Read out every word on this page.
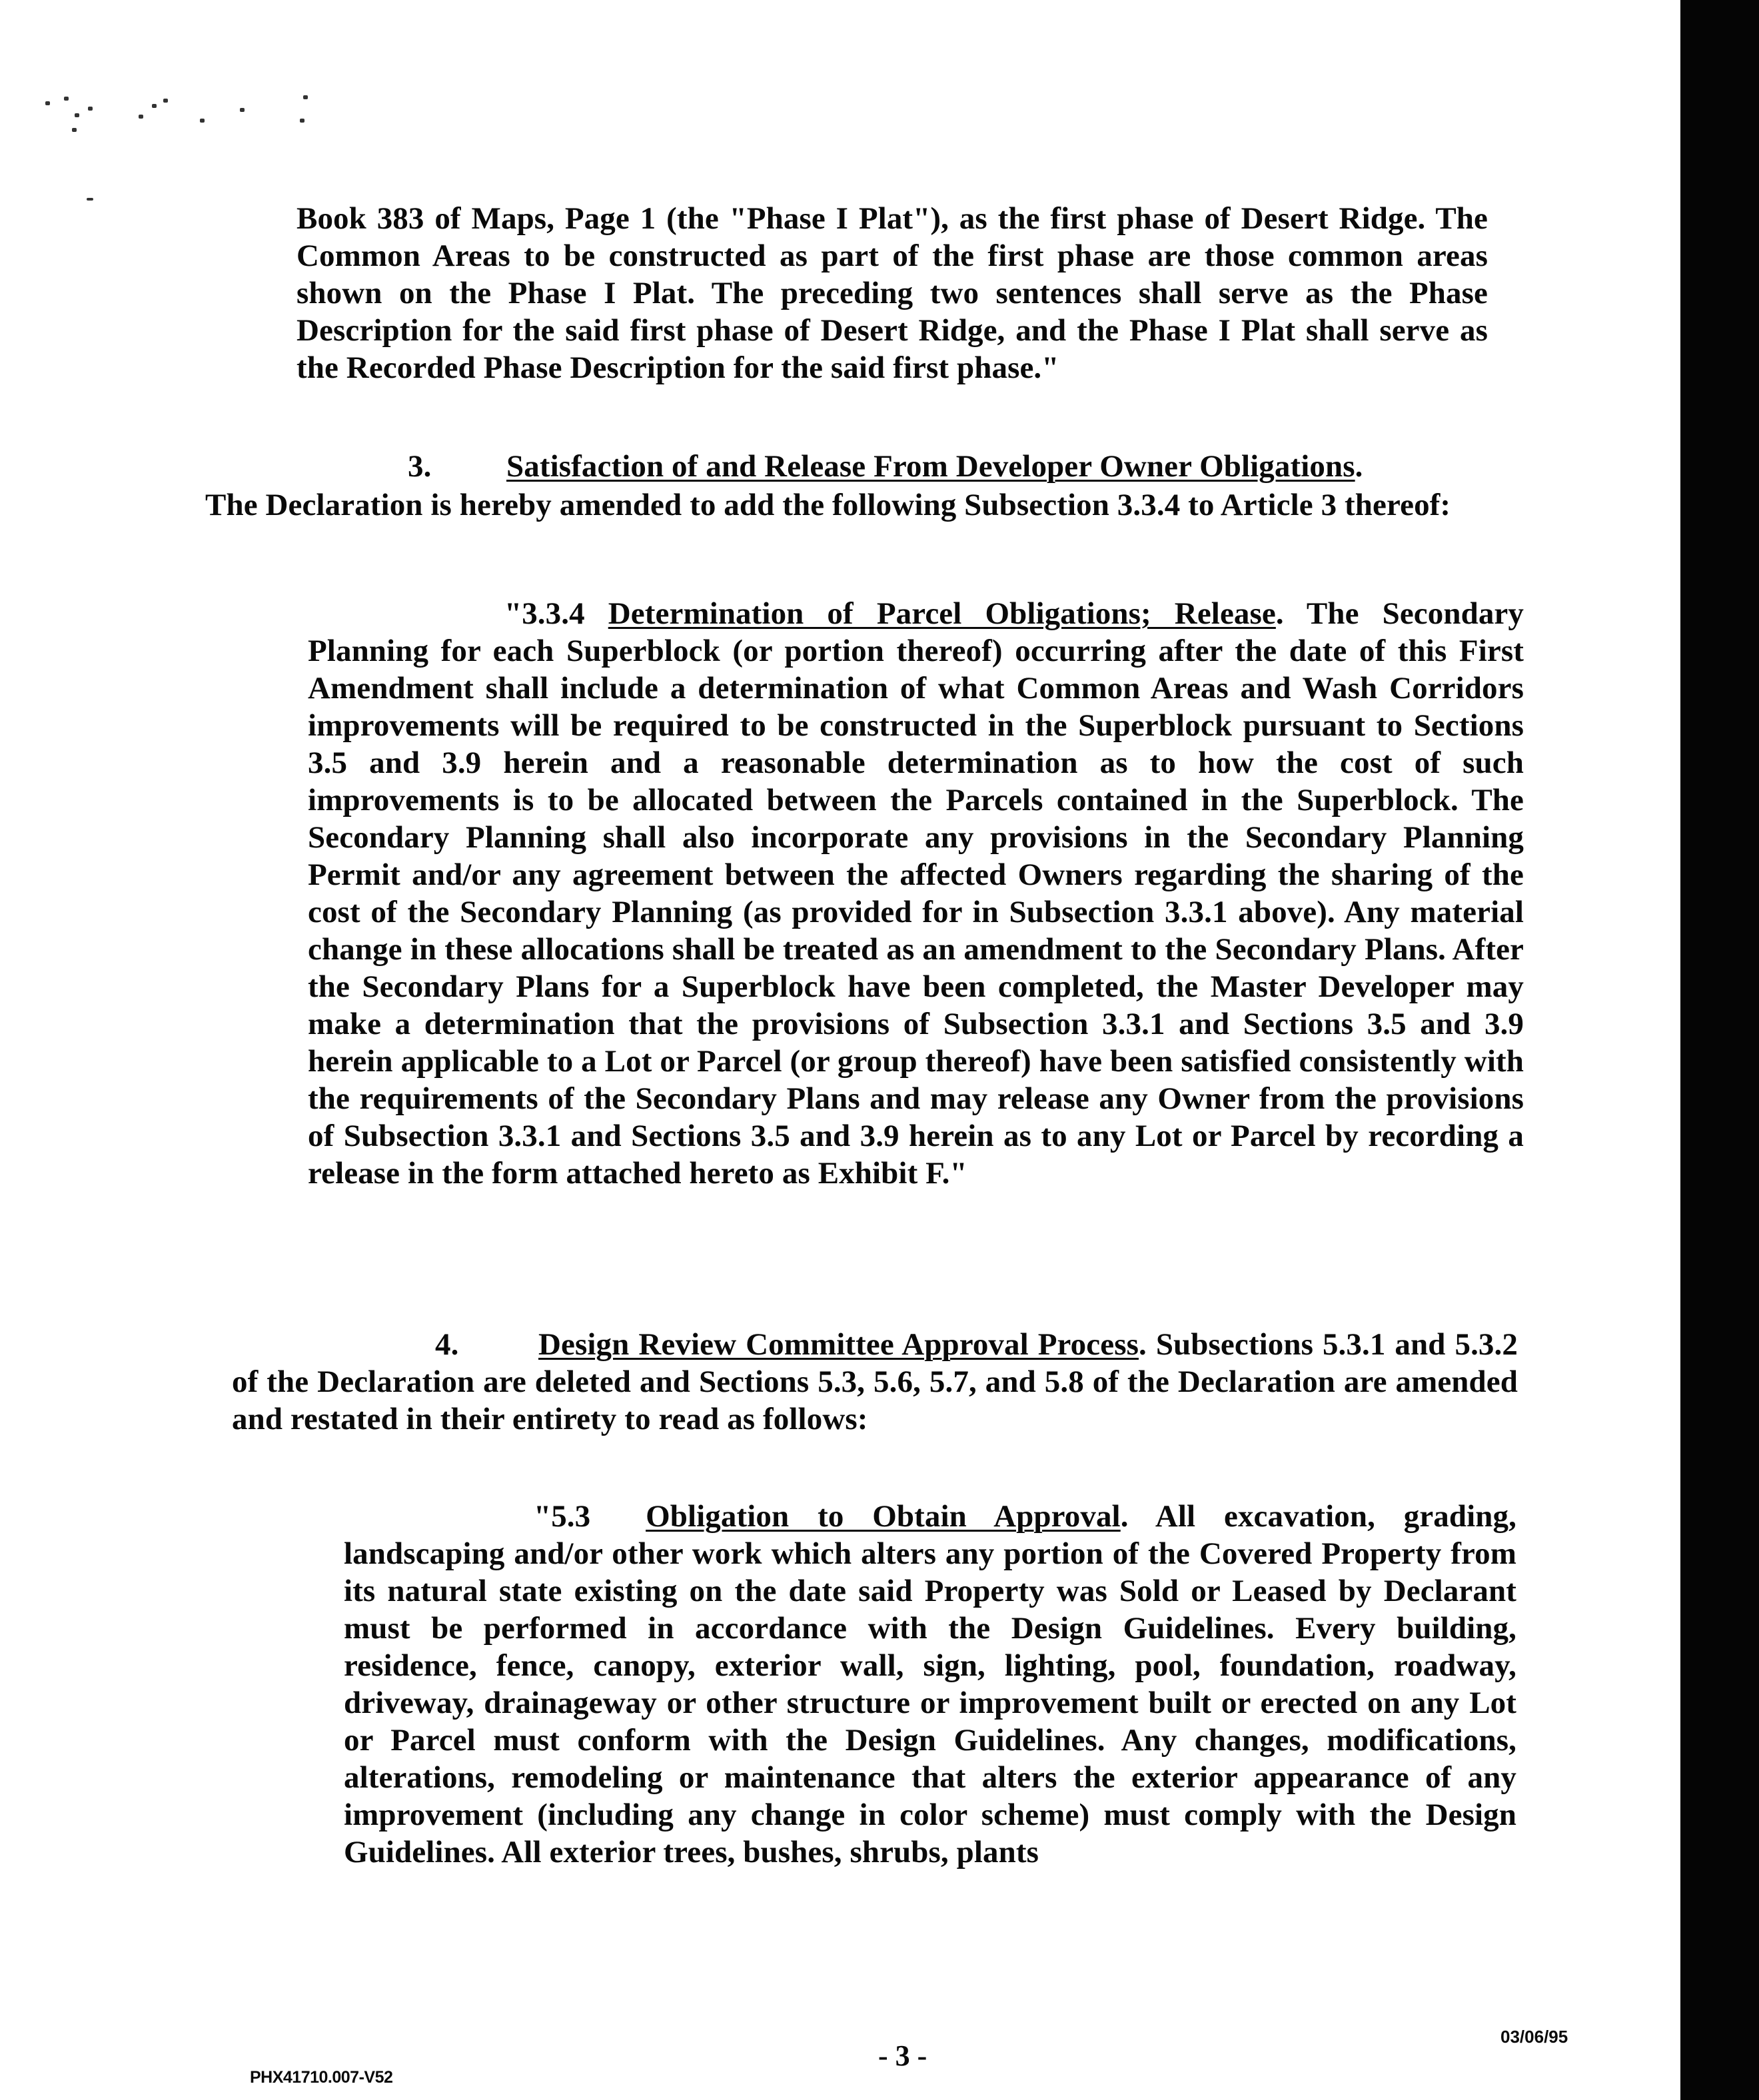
Book 383 of Maps, Page 1 (the "Phase I Plat"), as the first phase of Desert Ridge. The Common Areas to be constructed as part of the first phase are those common areas shown on the Phase I Plat. The preceding two sentences shall serve as the Phase Description for the said first phase of Desert Ridge, and the Phase I Plat shall serve as the Recorded Phase Description for the said first phase."

3. Satisfaction of and Release From Developer Owner Obligations.

The Declaration is hereby amended to add the following Subsection 3.3.4 to Article 3 thereof:

"3.3.4 Determination of Parcel Obligations; Release. The Secondary Planning for each Superblock (or portion thereof) occurring after the date of this First Amendment shall include a determination of what Common Areas and Wash Corridors improvements will be required to be constructed in the Superblock pursuant to Sections 3.5 and 3.9 herein and a reasonable determination as to how the cost of such improvements is to be allocated between the Parcels contained in the Superblock. The Secondary Planning shall also incorporate any provisions in the Secondary Planning Permit and/or any agreement between the affected Owners regarding the sharing of the cost of the Secondary Planning (as provided for in Subsection 3.3.1 above). Any material change in these allocations shall be treated as an amendment to the Secondary Plans. After the Secondary Plans for a Superblock have been completed, the Master Developer may make a determination that the provisions of Subsection 3.3.1 and Sections 3.5 and 3.9 herein applicable to a Lot or Parcel (or group thereof) have been satisfied consistently with the requirements of the Secondary Plans and may release any Owner from the provisions of Subsection 3.3.1 and Sections 3.5 and 3.9 herein as to any Lot or Parcel by recording a release in the form attached hereto as Exhibit F."

4.	Design Review Committee Approval Process. Subsections 5.3.1 and 5.3.2 of the Declaration are deleted and Sections 5.3, 5.6, 5.7, and 5.8 of the Declaration are amended and restated in their entirety to read as follows:

"5.3 Obligation to Obtain Approval. All excavation, grading, landscaping and/or other work which alters any portion of the Covered Property from its natural state existing on the date said Property was Sold or Leased by Declarant must be performed in accordance with the Design Guidelines. Every building, residence, fence, canopy, exterior wall, sign, lighting, pool, foundation, roadway, driveway, drainageway or other structure or improvement built or erected on any Lot or Parcel must conform with the Design Guidelines. Any changes, modifications, alterations, remodeling or maintenance that alters the exterior appearance of any improvement (including any change in color scheme) must comply with the Design Guidelines. All exterior trees, bushes, shrubs, plants

PHX41710.007-V52
- 3 -
03/06/95
